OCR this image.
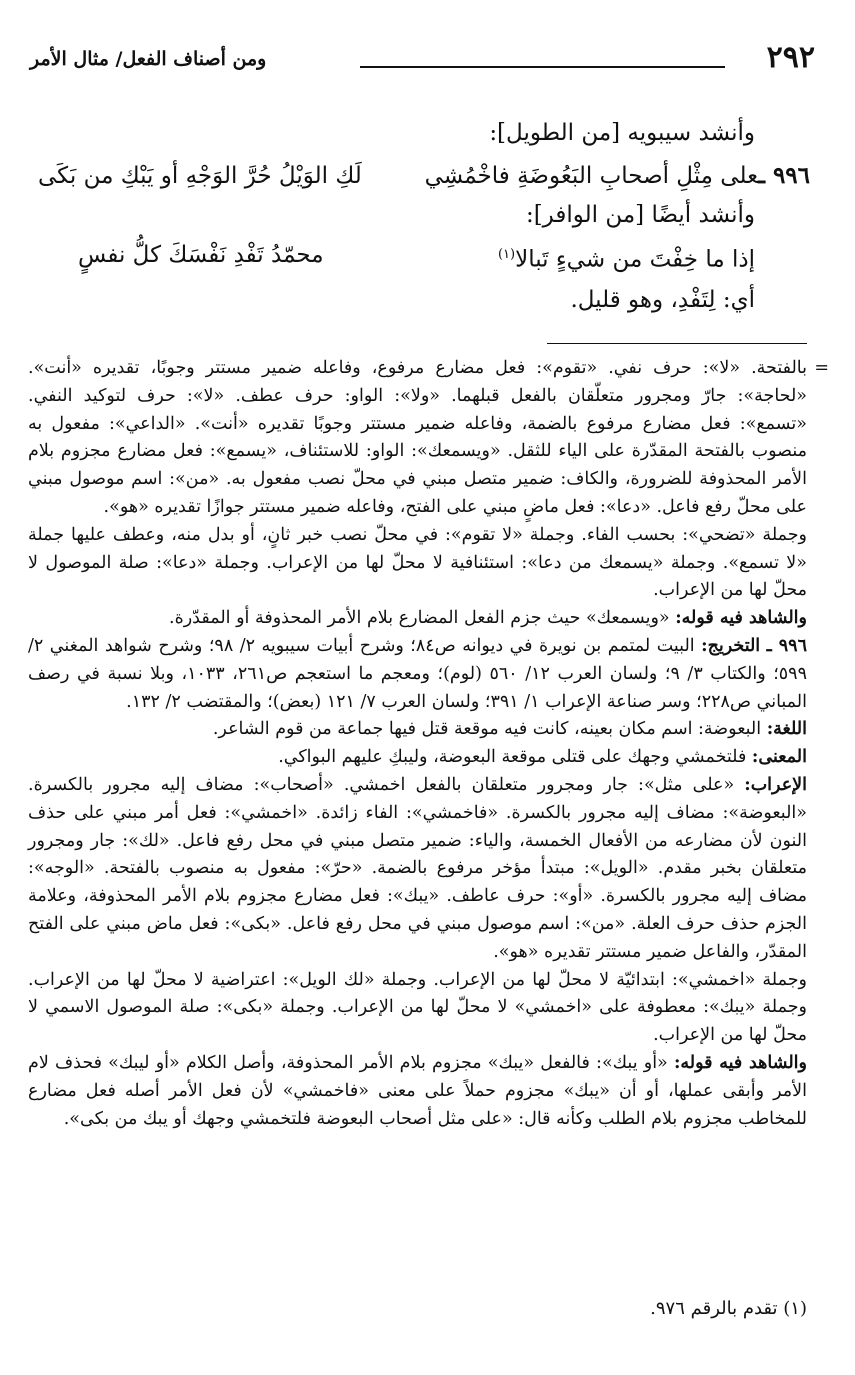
٢٩٢
ومن أصناف الفعل/ مثال الأمر
وأنشد سيبويه [من الطويل]:
٩٩٦ ـعلى مِثْلِ أصحابِ البَعُوضَةِ فاخْمُشِي
لَكِ الوَيْلُ حُرَّ الوَجْهِ أو يَبْكِ من بَكَى
وأنشد أيضًا [من الوافر]:
محمّدُ تَفْدِ نَفْسَكَ كلُّ نفسٍ	إذا ما خِفْتَ من شيءٍ تَبالا$^{(١)}$
أي: لِتَفْدِ، وهو قليل.

=
بالفتحة. «لا»: حرف نفي. «تقوم»: فعل مضارع مرفوع، وفاعله ضمير مستتر وجوبًا، تقديره «أنت». «لحاجة»: جارّ ومجرور متعلّقان بالفعل قبلهما. «ولا»: الواو: حرف عطف. «لا»: حرف لتوكيد النفي. «تسمع»: فعل مضارع مرفوع بالضمة، وفاعله ضمير مستتر وجوبًا تقديره «أنت». «الداعي»: مفعول به منصوب بالفتحة المقدّرة على الياء للثقل. «ويسمعك»: الواو: للاستئناف، «يسمع»: فعل مضارع مجزوم بلام الأمر المحذوفة للضرورة، والكاف: ضمير متصل مبني في محلّ نصب مفعول به. «من»: اسم موصول مبني على محلّ رفع فاعل. «دعا»: فعل ماضٍ مبني على الفتح، وفاعله ضمير مستتر جوازًا تقديره «هو».

وجملة «تضحي»: بحسب الفاء. وجملة «لا تقوم»: في محلّ نصب خبر ثانٍ، أو بدل منه، وعطف عليها جملة «لا تسمع». وجملة «يسمعك من دعا»: استئنافية لا محلّ لها من الإعراب. وجملة «دعا»: صلة الموصول لا محلّ لها من الإعراب.

والشاهد فيه قوله: «ويسمعك» حيث جزم الفعل المضارع بلام الأمر المحذوفة أو المقدّرة.

٩٩٦ ـ التخريج: البيت لمتمم بن نويرة في ديوانه ص٨٤؛ وشرح أبيات سيبويه ٢/ ٩٨؛ وشرح شواهد المغني ٢/ ٥٩٩؛ والكتاب ٣/ ٩؛ ولسان العرب ١٢/ ٥٦٠ (لوم)؛ ومعجم ما استعجم ص٢٦١، ١٠٣٣، وبلا نسبة في رصف المباني ص٢٢٨؛ وسر صناعة الإعراب ١/ ٣٩١؛ ولسان العرب ٧/ ١٢١ (بعض)؛ والمقتضب ٢/ ١٣٢.

اللغة: البعوضة: اسم مكان بعينه، كانت فيه موقعة قتل فيها جماعة من قوم الشاعر.

المعنى: فلتخمشي وجهك على قتلى موقعة البعوضة، وليبكِ عليهم البواكي.

الإعراب: «على مثل»: جار ومجرور متعلقان بالفعل اخمشي. «أصحاب»: مضاف إليه مجرور بالكسرة. «البعوضة»: مضاف إليه مجرور بالكسرة. «فاخمشي»: الفاء زائدة. «اخمشي»: فعل أمر مبني على حذف النون لأن مضارعه من الأفعال الخمسة، والياء: ضمير متصل مبني في محل رفع فاعل. «لك»: جار ومجرور متعلقان بخبر مقدم. «الويل»: مبتدأ مؤخر مرفوع بالضمة. «حرّ»: مفعول به منصوب بالفتحة. «الوجه»: مضاف إليه مجرور بالكسرة. «أو»: حرف عاطف. «يبك»: فعل مضارع مجزوم بلام الأمر المحذوفة، وعلامة الجزم حذف حرف العلة. «من»: اسم موصول مبني في محل رفع فاعل. «بكى»: فعل ماض مبني على الفتح المقدّر، والفاعل ضمير مستتر تقديره «هو».

وجملة «اخمشي»: ابتدائيّة لا محلّ لها من الإعراب. وجملة «لك الويل»: اعتراضية لا محلّ لها من الإعراب. وجملة «يبك»: معطوفة على «اخمشي» لا محلّ لها من الإعراب. وجملة «بكى»: صلة الموصول الاسمي لا محلّ لها من الإعراب.

والشاهد فيه قوله: «أو يبك»: فالفعل «يبك» مجزوم بلام الأمر المحذوفة، وأصل الكلام «أو ليبك» فحذف لام الأمر وأبقى عملها، أو أن «يبك» مجزوم حملاً على معنى «فاخمشي» لأن فعل الأمر أصله فعل مضارع للمخاطب مجزوم بلام الطلب وكأنه قال: «على مثل أصحاب البعوضة فلتخمشي وجهك أو يبك من بكى».

(١) تقدم بالرقم ٩٧٦.
